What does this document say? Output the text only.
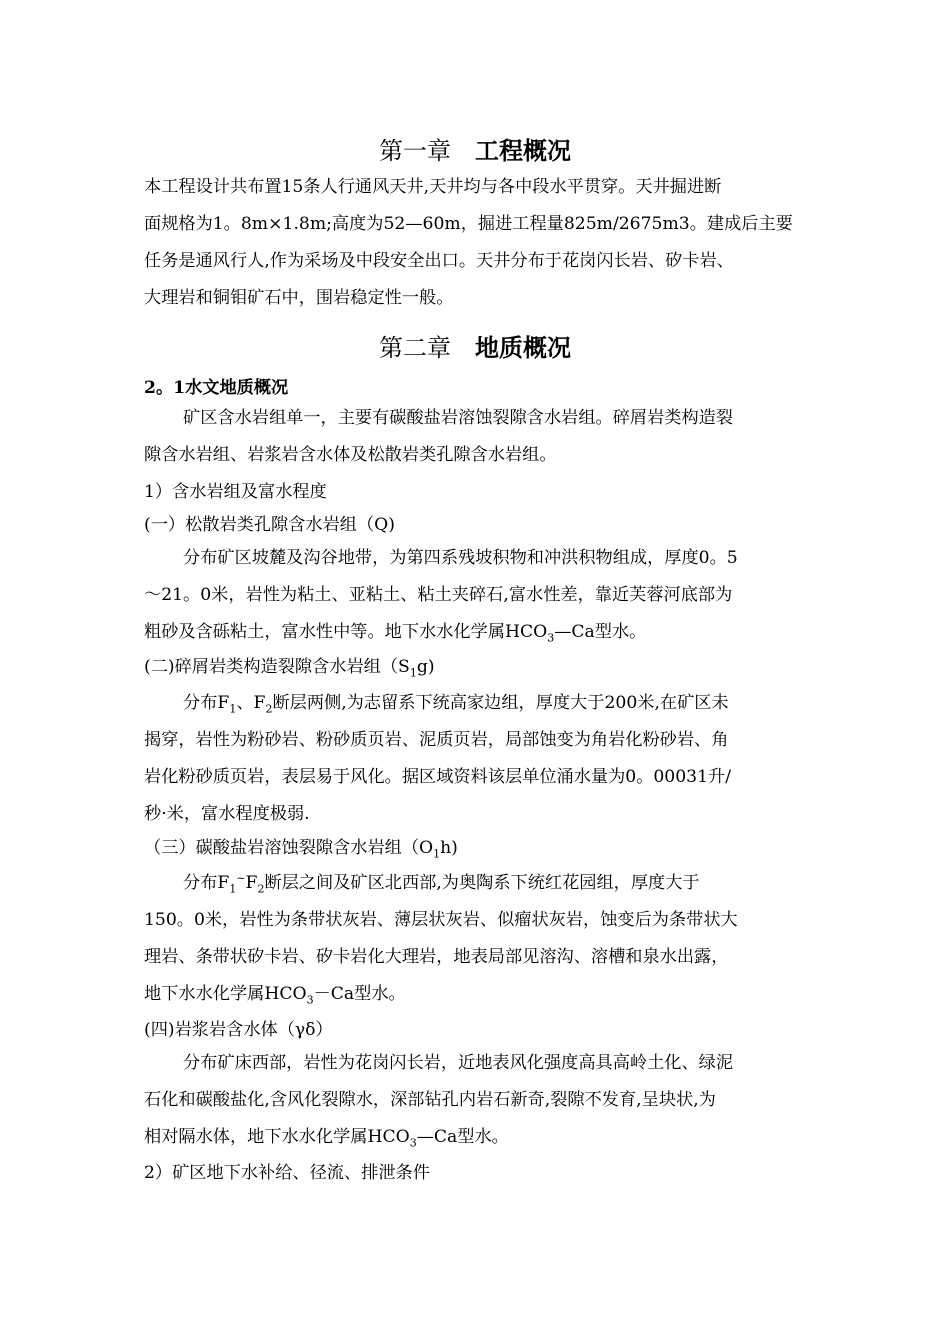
第一章 工程概况
本工程设计共布置15条人行通风天井,天井均与各中段水平贯穿。天井掘进断
面规格为1。8m×1.8m;高度为52—60m，掘进工程量825m/2675m3。建成后主要
任务是通风行人,作为采场及中段安全出口。天井分布于花岗闪长岩、矽卡岩、
大理岩和铜钼矿石中，围岩稳定性一般。
第二章 地质概况
2。1水文地质概况
矿区含水岩组单一，主要有碳酸盐岩溶蚀裂隙含水岩组。碎屑岩类构造裂
隙含水岩组、岩浆岩含水体及松散岩类孔隙含水岩组。
1）含水岩组及富水程度
(一）松散岩类孔隙含水岩组（Q)
分布矿区坡麓及沟谷地带，为第四系残坡积物和冲洪积物组成，厚度0。5
～21。0米，岩性为粘土、亚粘土、粘土夹碎石,富水性差，靠近芙蓉河底部为
粗砂及含砾粘土，富水性中等。地下水水化学属$HCO_3—Ca$型水。
(二)碎屑岩类构造裂隙含水岩组$(S_1g)$
分布$F_1$、$F_2$断层两侧,为志留系下统高家边组，厚度大于200米,在矿区未
揭穿，岩性为粉砂岩、粉砂质页岩、泥质页岩，局部蚀变为角岩化粉砂岩、角
岩化粉砂质页岩，表层易于风化。据区域资料该层单位涌水量为0。00031升/
秒·米，富水程度极弱.
（三）碳酸盐岩溶蚀裂隙含水岩组$(O_1h)$
分布$F_1^\sim F_2$断层之间及矿区北西部,为奥陶系下统红花园组，厚度大于
150。0米，岩性为条带状灰岩、薄层状灰岩、似瘤状灰岩，蚀变后为条带状大
理岩、条带状矽卡岩、矽卡岩化大理岩，地表局部见溶沟、溶槽和泉水出露，
地下水水化学属$HCO_3-Ca$型水。
(四)岩浆岩含水体（γδ）
分布矿床西部，岩性为花岗闪长岩，近地表风化强度高具高岭土化、绿泥
石化和碳酸盐化,含风化裂隙水，深部钻孔内岩石新奇,裂隙不发育,呈块状,为
相对隔水体，地下水水化学属$HCO_3—Ca$型水。
2）矿区地下水补给、径流、排泄条件
